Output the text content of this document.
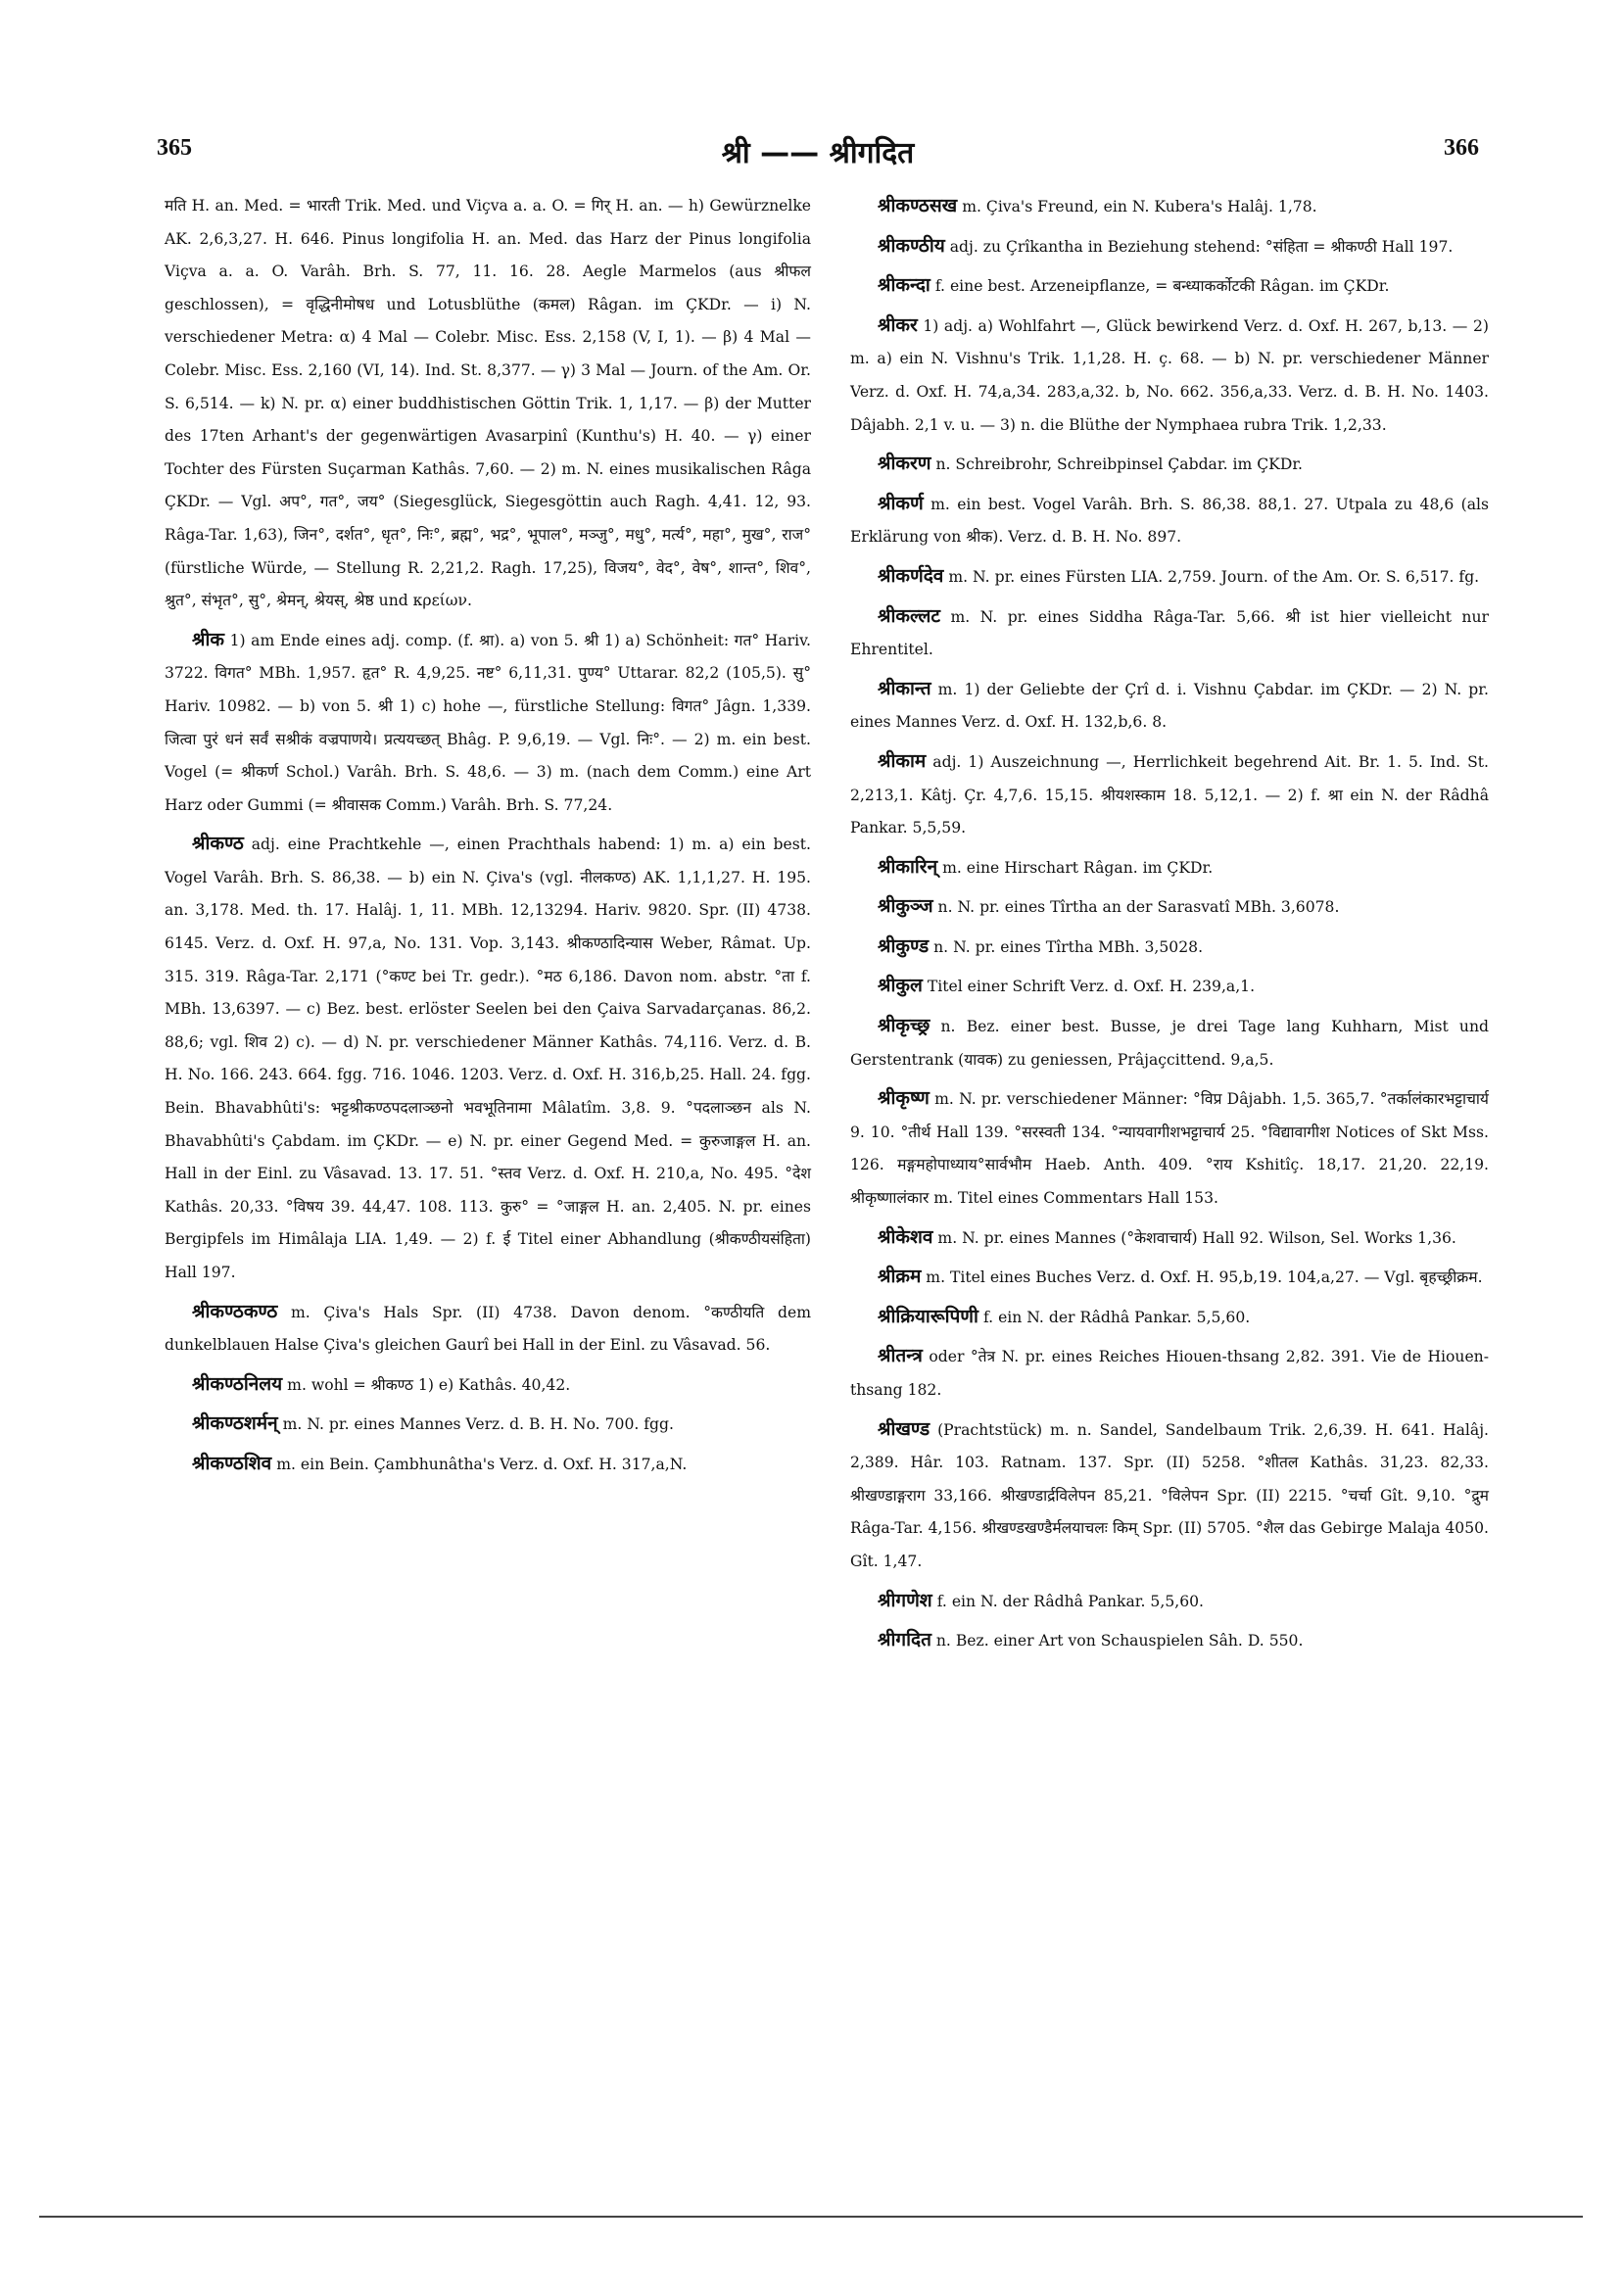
365	श्री —— श्रीगदित	366

मति H. an. Med. = भारती Trik. Med. und Viçva a. a. O. = गिर् H. an. — h) Gewürznelke AK. 2,6,3,27. H. 646. Pinus longifolia H. an. Med. das Harz der Pinus longifolia Viçva a. a. O. Varâh. Brh. S. 77, 11. 16. 28. Aegle Marmelos (aus श्रीफल geschlossen), = वृद्धिनीमोषध und Lotusblüthe (कमल) Râgan. im ÇKDr. — i) N. verschiedener Metra: α) 4 Mal — Colebr. Misc. Ess. 2,158 (V, I, 1). — β) 4 Mal — Colebr. Misc. Ess. 2,160 (VI, 14). Ind. St. 8,377. — γ) 3 Mal — Journ. of the Am. Or. S. 6,514. — k) N. pr. α) einer buddhistischen Göttin Trik. 1, 1,17. — β) der Mutter des 17ten Arhant's der gegenwärtigen Avasarpinî (Kunthu's) H. 40. — γ) einer Tochter des Fürsten Suçarman Kathâs. 7,60. — 2) m. N. eines musikalischen Râga ÇKDr. — Vgl. अप°, गत°, जय° (Siegesglück, Siegesgöttin auch Ragh. 4,41. 12, 93. Râga-Tar. 1,63), जिन°, दर्शत°, धृत°, निः°, ब्रह्म°, भद्र°, भूपाल°, मञ्जु°, मधु°, मर्त्य°, महा°, मुख°, राज° (fürstliche Würde, — Stellung R. 2,21,2. Ragh. 17,25), विजय°, वेद°, वेष°, शान्त°, शिव°, श्रुत°, संभृत°, सु°, श्रेमन्, श्रेयस्, श्रेष्ठ und κρείων.

श्रीक 1) am Ende eines adj. comp. (f. श्रा). a) von 5. श्री 1) a) Schönheit: गत° Hariv. 3722. विगत° MBh. 1,957. हृत° R. 4,9,25. नष्ट° 6,11,31. पुण्य° Uttarar. 82,2 (105,5). सु° Hariv. 10982. — b) von 5. श्री 1) c) hohe —, fürstliche Stellung: विगत° Jâgn. 1,339. जित्वा पुरं धनं सर्वं सश्रीकं वज्रपाणये। प्रत्ययच्छत् Bhâg. P. 9,6,19. — Vgl. निः°. — 2) m. ein best. Vogel (= श्रीकर्ण Schol.) Varâh. Brh. S. 48,6. — 3) m. (nach dem Comm.) eine Art Harz oder Gummi (= श्रीवासक Comm.) Varâh. Brh. S. 77,24.

श्रीकण्ठ adj. eine Prachtkehle —, einen Prachthals habend: 1) m. a) ein best. Vogel Varâh. Brh. S. 86,38. — b) ein N. Çiva's (vgl. नीलकण्ठ) AK. 1,1,1,27. H. 195. an. 3,178. Med. th. 17. Halâj. 1, 11. MBh. 12,13294. Hariv. 9820. Spr. (II) 4738. 6145. Verz. d. Oxf. H. 97,a, No. 131. Vop. 3,143. श्रीकण्ठादिन्यास Weber, Râmat. Up. 315. 319. Râga-Tar. 2,171 (°कण्ट bei Tr. gedr.). °मठ 6,186. Davon nom. abstr. °ता f. MBh. 13,6397. — c) Bez. best. erlöster Seelen bei den Çaiva Sarvadarçanas. 86,2. 88,6; vgl. शिव 2) c). — d) N. pr. verschiedener Männer Kathâs. 74,116. Verz. d. B. H. No. 166. 243. 664. fgg. 716. 1046. 1203. Verz. d. Oxf. H. 316,b,25. Hall. 24. fgg. Bein. Bhavabhûti's: भट्टश्रीकण्ठपदलाञ्छनो भवभूतिनामा Mâlatîm. 3,8. 9. °पदलाञ्छन als N. Bhavabhûti's Çabdam. im ÇKDr. — e) N. pr. einer Gegend Med. = कुरुजाङ्गल H. an. Hall in der Einl. zu Vâsavad. 13. 17. 51. °स्तव Verz. d. Oxf. H. 210,a, No. 495. °देश Kathâs. 20,33. °विषय 39. 44,47. 108. 113. कुरु° = °जाङ्गल H. an. 2,405. N. pr. eines Bergipfels im Himâlaja LIA. 1,49. — 2) f. ई Titel einer Abhandlung (श्रीकण्ठीयसंहिता) Hall 197.

श्रीकण्ठकण्ठ m. Çiva's Hals Spr. (II) 4738. Davon denom. °कण्ठीयति dem dunkelblauen Halse Çiva's gleichen Gaurî bei Hall in der Einl. zu Vâsavad. 56.

श्रीकण्ठनिलय m. wohl = श्रीकण्ठ 1) e) Kathâs. 40,42.

श्रीकण्ठशर्मन् m. N. pr. eines Mannes Verz. d. B. H. No. 700. fgg.

श्रीकण्ठशिव m. ein Bein. Çambhunâtha's Verz. d. Oxf. H. 317,a,N.

श्रीकण्ठसख m. Çiva's Freund, ein N. Kubera's Halâj. 1,78.

श्रीकण्ठीय adj. zu Çrîkantha in Beziehung stehend: °संहिता = श्रीकण्ठी Hall 197.

श्रीकन्दा f. eine best. Arzeneipflanze, = बन्ध्याकर्कोटकी Râgan. im ÇKDr.

श्रीकर 1) adj. a) Wohlfahrt —, Glück bewirkend Verz. d. Oxf. H. 267, b,13. — 2) m. a) ein N. Vishnu's Trik. 1,1,28. H. ç. 68. — b) N. pr. verschiedener Männer Verz. d. Oxf. H. 74,a,34. 283,a,32. b, No. 662. 356,a,33. Verz. d. B. H. No. 1403. Dâjabh. 2,1 v. u. — 3) n. die Blüthe der Nymphaea rubra Trik. 1,2,33.

श्रीकरण n. Schreibrohr, Schreibpinsel Çabdar. im ÇKDr.

श्रीकर्ण m. ein best. Vogel Varâh. Brh. S. 86,38. 88,1. 27. Utpala zu 48,6 (als Erklärung von श्रीक). Verz. d. B. H. No. 897.

श्रीकर्णदेव m. N. pr. eines Fürsten LIA. 2,759. Journ. of the Am. Or. S. 6,517. fg.

श्रीकल्लट m. N. pr. eines Siddha Râga-Tar. 5,66. श्री ist hier vielleicht nur Ehrentitel.

श्रीकान्त m. 1) der Geliebte der Çrî d. i. Vishnu Çabdar. im ÇKDr. — 2) N. pr. eines Mannes Verz. d. Oxf. H. 132,b,6. 8.

श्रीकाम adj. 1) Auszeichnung —, Herrlichkeit begehrend Ait. Br. 1. 5. Ind. St. 2,213,1. Kâtj. Çr. 4,7,6. 15,15. श्रीयशस्काम 18. 5,12,1. — 2) f. श्रा ein N. der Râdhâ Pankar. 5,5,59.

श्रीकारिन् m. eine Hirschart Râgan. im ÇKDr.

श्रीकुञ्ज n. N. pr. eines Tîrtha an der Sarasvatî MBh. 3,6078.

श्रीकुण्ड n. N. pr. eines Tîrtha MBh. 3,5028.

श्रीकुल Titel einer Schrift Verz. d. Oxf. H. 239,a,1.

श्रीकृच्छ्र n. Bez. einer best. Busse, je drei Tage lang Kuhharn, Mist und Gerstentrank (यावक) zu geniessen, Prâjaçcittend. 9,a,5.

श्रीकृष्ण m. N. pr. verschiedener Männer: °विप्र Dâjabh. 1,5. 365,7. °तर्कालंकारभट्टाचार्य 9. 10. °तीर्थ Hall 139. °सरस्वती 134. °न्यायवागीशभट्टाचार्य 25. °विद्यावागीश Notices of Skt Mss. 126. मङ्गमहोपाध्याय°सार्वभौम Haeb. Anth. 409. °राय Kshitîç. 18,17. 21,20. 22,19. श्रीकृष्णालंकार m. Titel eines Commentars Hall 153.

श्रीकेशव m. N. pr. eines Mannes (°केशवाचार्य) Hall 92. Wilson, Sel. Works 1,36.

श्रीक्रम m. Titel eines Buches Verz. d. Oxf. H. 95,b,19. 104,a,27. — Vgl. बृहच्छ्रीक्रम.

श्रीक्रियारूपिणी f. ein N. der Râdhâ Pankar. 5,5,60.

श्रीतन्त्र oder °तेत्र N. pr. eines Reiches Hiouen-thsang 2,82. 391. Vie de Hiouen-thsang 182.

श्रीखण्ड (Prachtstück) m. n. Sandel, Sandelbaum Trik. 2,6,39. H. 641. Halâj. 2,389. Hâr. 103. Ratnam. 137. Spr. (II) 5258. °शीतल Kathâs. 31,23. 82,33. श्रीखण्डाङ्गराग 33,166. श्रीखण्डार्द्रविलेपन 85,21. °विलेपन Spr. (II) 2215. °चर्चा Gît. 9,10. °द्रुम Râga-Tar. 4,156. श्रीखण्डखण्डैर्मलयाचलः किम् Spr. (II) 5705. °शैल das Gebirge Malaja 4050. Gît. 1,47.

श्रीगणेश f. ein N. der Râdhâ Pankar. 5,5,60.

श्रीगदित n. Bez. einer Art von Schauspielen Sâh. D. 550.
